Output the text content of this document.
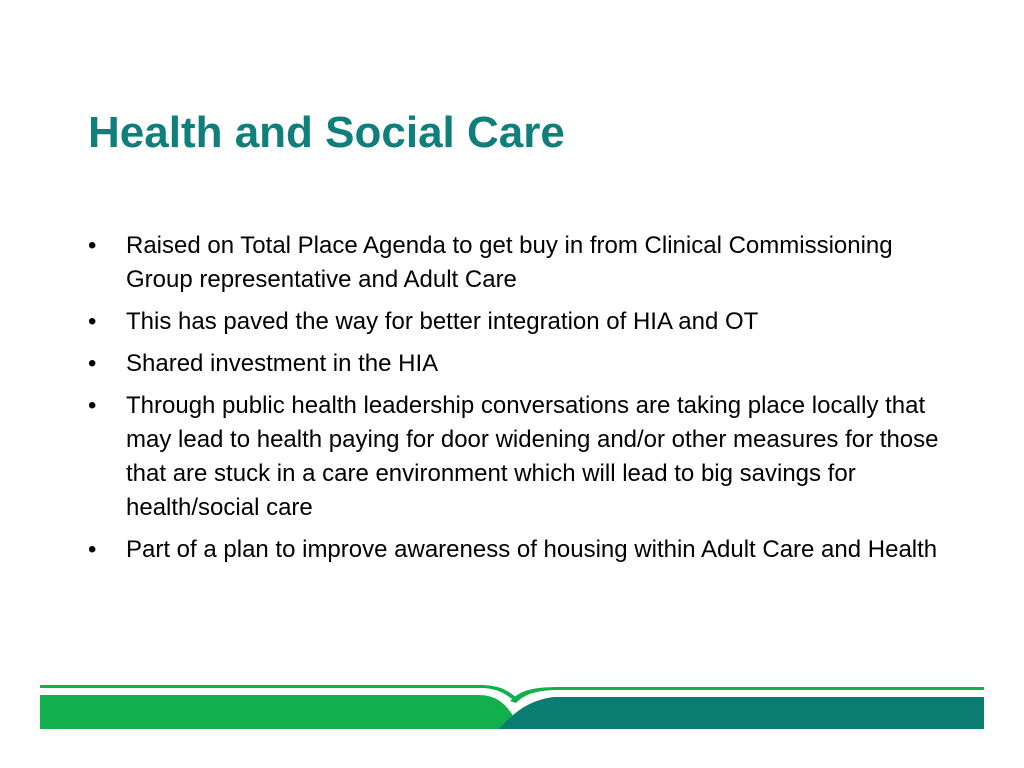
Health and Social Care
•	Raised on Total Place Agenda to get buy in from Clinical Commissioning Group representative and Adult Care
•	This has paved the way for better integration of HIA and OT
•	Shared investment in the HIA
•	Through public health leadership conversations are taking place locally that may lead to health paying for door widening and/or other measures for those that are stuck in a care environment which will lead to big savings for health/social care
•	Part of a plan to improve awareness of housing within Adult Care and Health
